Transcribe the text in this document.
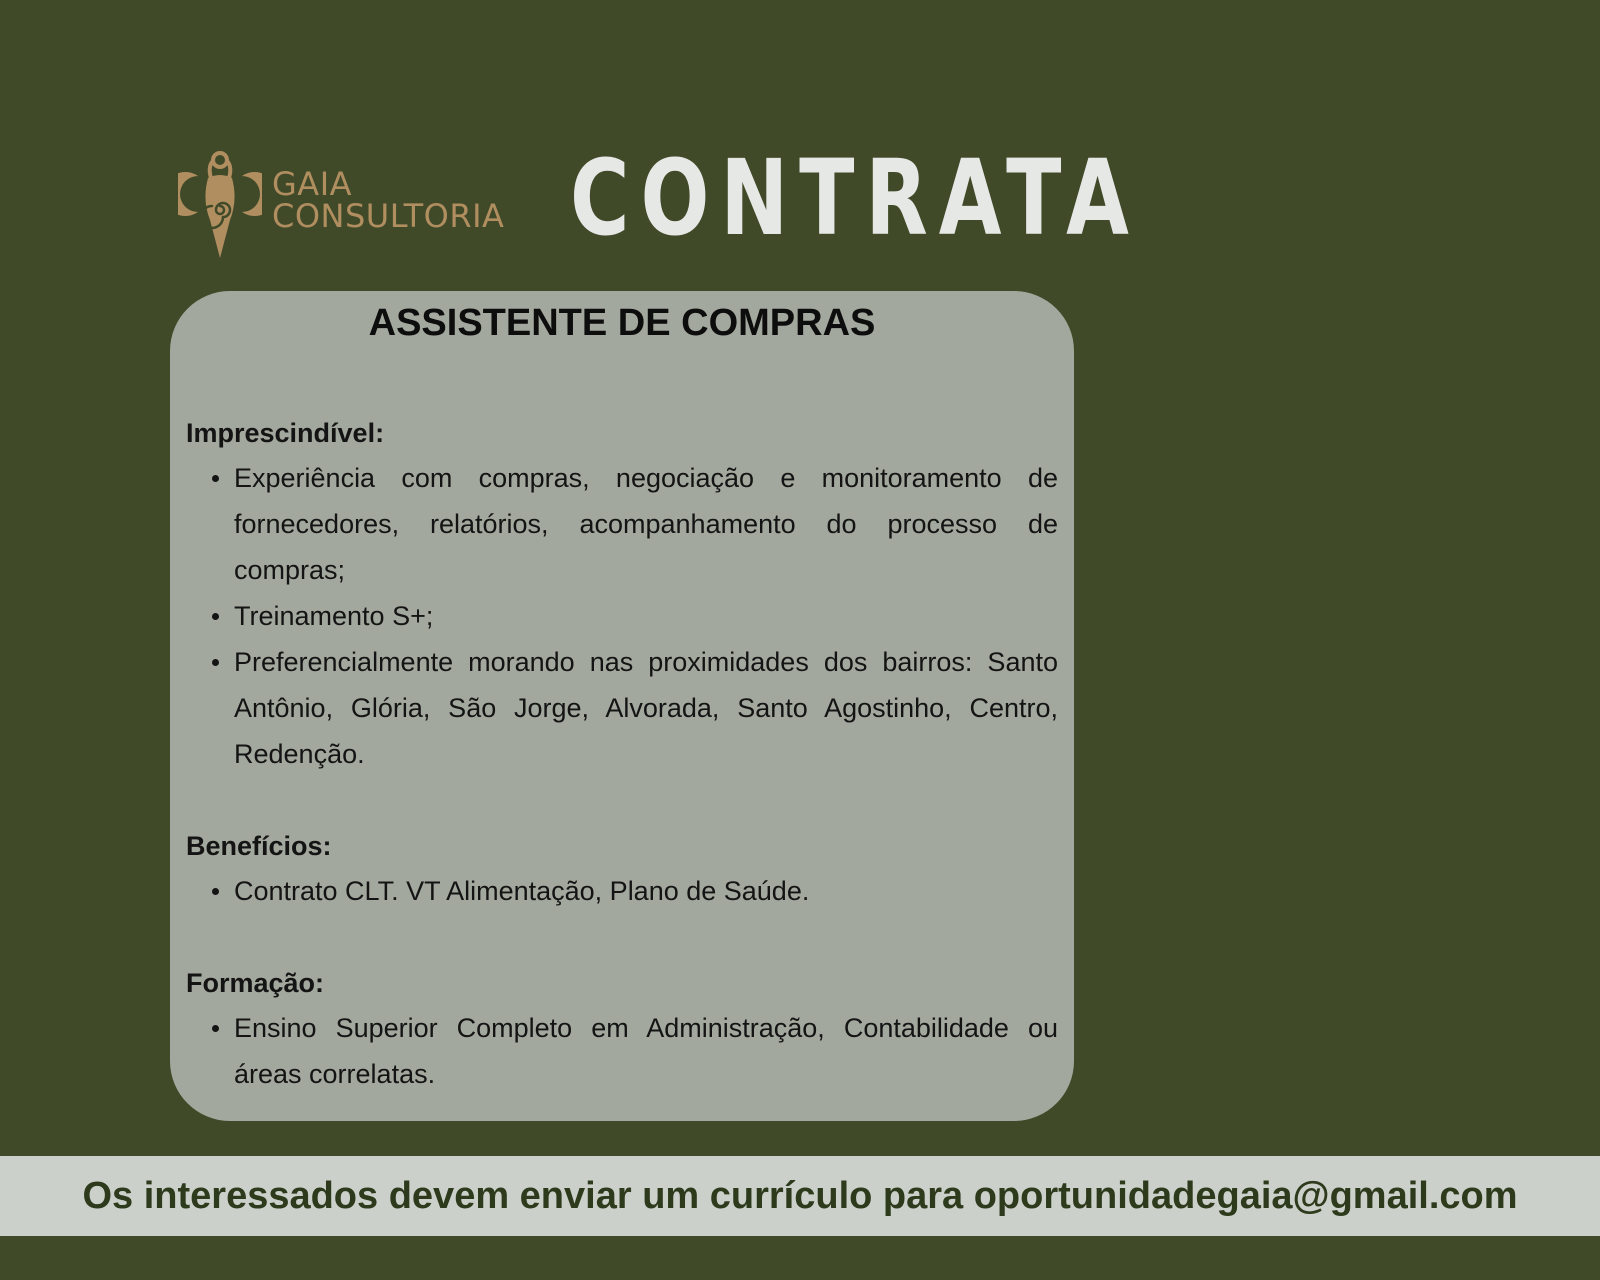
GAIA
CONSULTORIA CONTRATA
ASSISTENTE DE COMPRAS

Imprescindível:

Experiência com compras, negociação e monitoramento de fornecedores, relatórios, acompanhamento do processo de compras;
Treinamento S+;
Preferencialmente morando nas proximidades dos bairros: Santo Antônio, Glória, São Jorge, Alvorada, Santo Agostinho, Centro, Redenção.

Benefícios:

Contrato CLT. VT Alimentação, Plano de Saúde.

Formação:

Ensino Superior Completo em Administração, Contabilidade ou áreas correlatas.
Os interessados devem enviar um currículo para oportunidadegaia@gmail.com
